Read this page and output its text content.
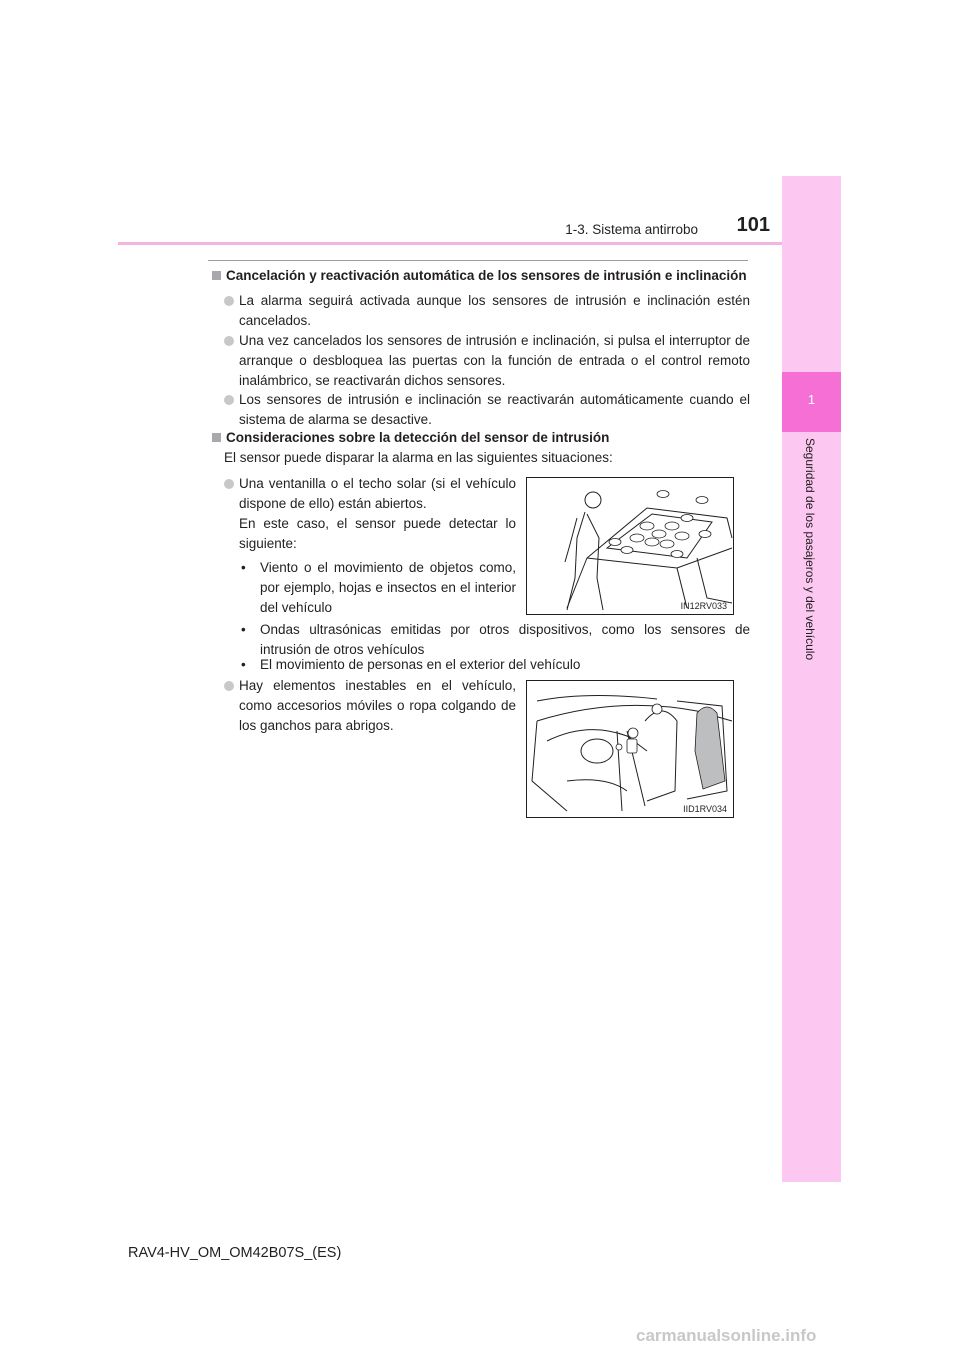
1-3. Sistema antirrobo	101
1
Seguridad de los pasajeros y del vehículo
Cancelación y reactivación automática de los sensores de intrusión e inclinación
La alarma seguirá activada aunque los sensores de intrusión e inclinación estén cancelados.
Una vez cancelados los sensores de intrusión e inclinación, si pulsa el interruptor de arranque o desbloquea las puertas con la función de entrada o el control remoto inalámbrico, se reactivarán dichos sensores.
Los sensores de intrusión e inclinación se reactivarán automáticamente cuando el sistema de alarma se desactive.
Consideraciones sobre la detección del sensor de intrusión
El sensor puede disparar la alarma en las siguientes situaciones:
Una ventanilla o el techo solar (si el vehículo dispone de ello) están abiertos.
En este caso, el sensor puede detectar lo siguiente:
• Viento o el movimiento de objetos como, por ejemplo, hojas e insectos en el interior del vehículo	IN12RV033
• Ondas ultrasónicas emitidas por otros dispositivos, como los sensores de intrusión de otros vehículos
• El movimiento de personas en el exterior del vehículo
Hay elementos inestables en el vehículo, como accesorios móviles o ropa colgando de los ganchos para abrigos.
IID1RV034
RAV4-HV_OM_OM42B07S_(ES)
carmanualsonline.info
